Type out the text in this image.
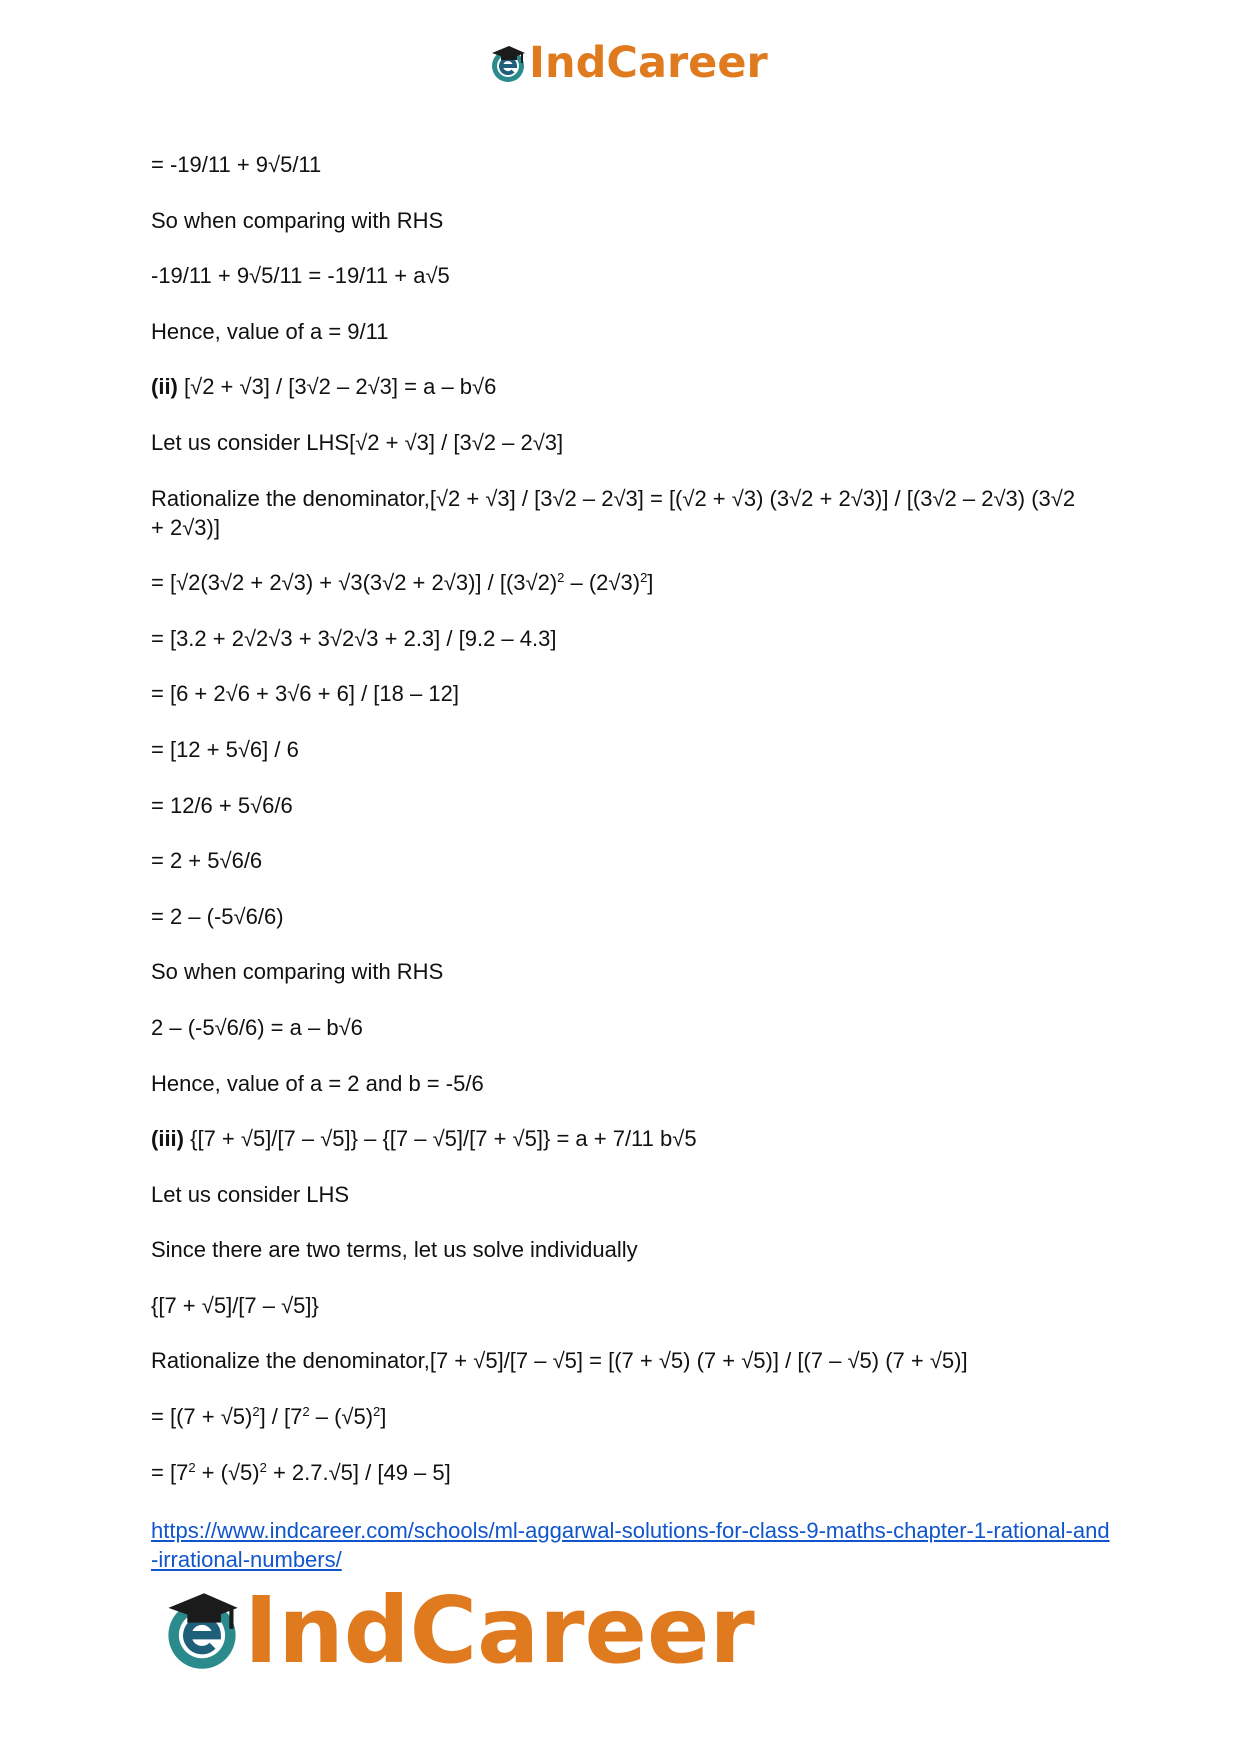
IndCareer
= -19/11 + 9√5/11
So when comparing with RHS
-19/11 + 9√5/11 = -19/11 + a√5
Hence, value of a = 9/11
(ii) [√2 + √3] / [3√2 – 2√3] = a – b√6
Let us consider LHS[√2 + √3] / [3√2 – 2√3]
Rationalize the denominator,[√2 + √3] / [3√2 – 2√3] = [(√2 + √3) (3√2 + 2√3)] / [(3√2 – 2√3) (3√2 + 2√3)]
= $[√2(3√2 + 2√3) + √3(3√2 + 2√3)] / [(3√2)^2 - (2√3)^2]$
= [3.2 + 2√2√3 + 3√2√3 + 2.3] / [9.2 – 4.3]
= [6 + 2√6 + 3√6 + 6] / [18 – 12]
= [12 + 5√6] / 6
= 12/6 + 5√6/6
= 2 + 5√6/6
= 2 – (-5√6/6)
So when comparing with RHS
2 – (-5√6/6) = a – b√6
Hence, value of a = 2 and b = -5/6
(iii) {[7 + √5]/[7 – √5]} – {[7 – √5]/[7 + √5]} = a + 7/11 b√5
Let us consider LHS
Since there are two terms, let us solve individually
{[7 + √5]/[7 – √5]}
Rationalize the denominator,[7 + √5]/[7 – √5] = [(7 + √5) (7 + √5)] / [(7 – √5) (7 + √5)]
= $[(7 + √5)^2] / [7^2 - (√5)^2]$
= $[7^2 + (√5)^2 + 2.7.√5] / [49 - 5]$
https://www.indcareer.com/schools/ml-aggarwal-solutions-for-class-9-maths-chapter-1-rational-and-irrational-numbers/
IndCareer
